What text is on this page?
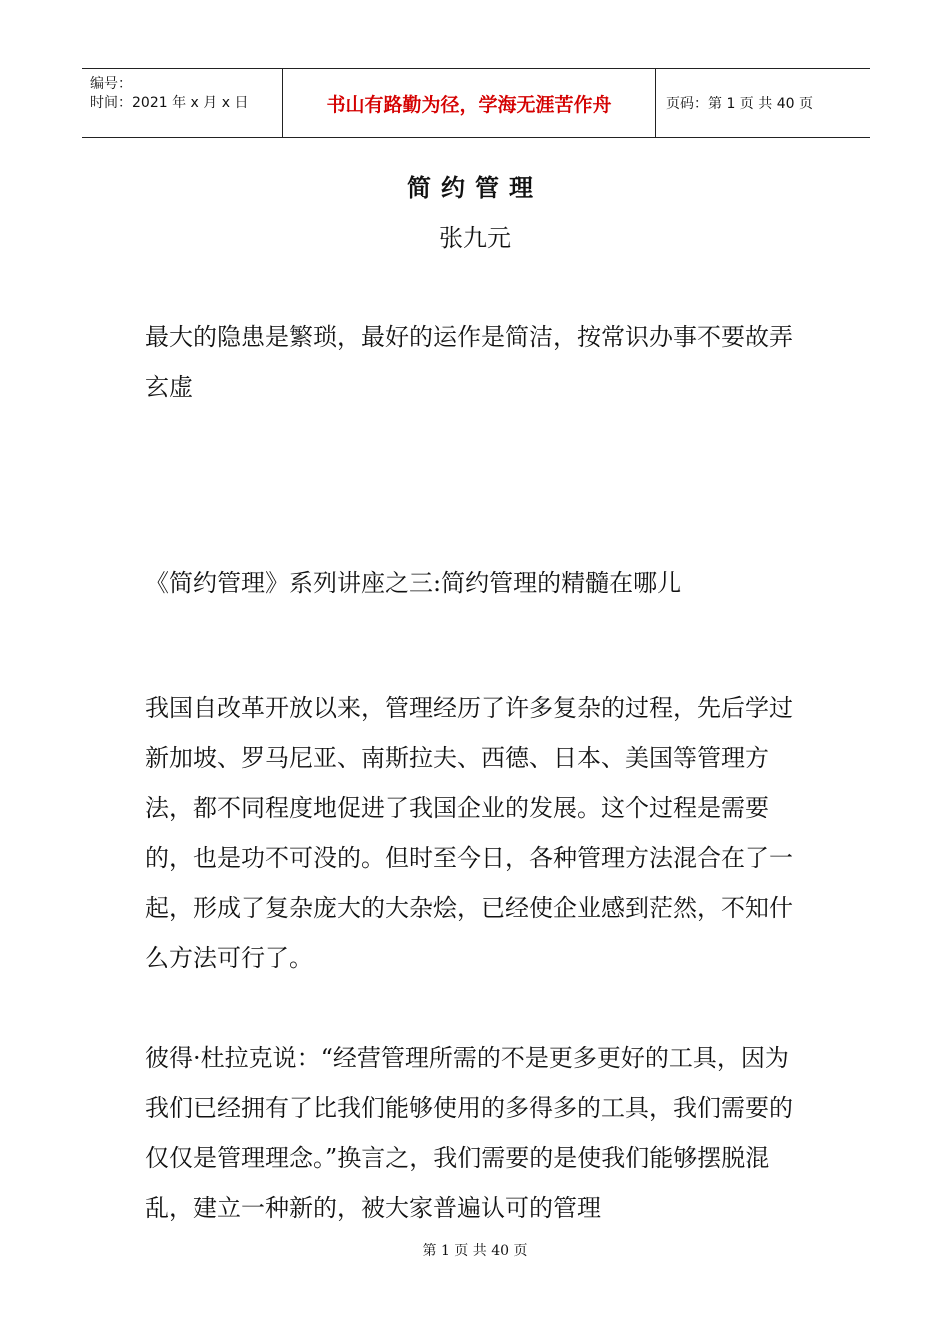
编号：
时间：2021 年 x 月 x 日	书山有路勤为径，学海无涯苦作舟	页码：第 1 页 共 40 页
简约管理
张九元

最大的隐患是繁琐，最好的运作是简洁，按常识办事不要故弄玄虚

《简约管理》系列讲座之三:简约管理的精髓在哪儿

我国自改革开放以来，管理经历了许多复杂的过程，先后学过新加坡、罗马尼亚、南斯拉夫、西德、日本、美国等管理方法，都不同程度地促进了我国企业的发展。这个过程是需要的，也是功不可没的。但时至今日，各种管理方法混合在了一起，形成了复杂庞大的大杂烩，已经使企业感到茫然，不知什么方法可行了。

彼得·杜拉克说：“经营管理所需的不是更多更好的工具，因为我们已经拥有了比我们能够使用的多得多的工具，我们需要的仅仅是管理理念。”换言之，我们需要的是使我们能够摆脱混乱，建立一种新的，被大家普遍认可的管理

第 1 页 共 40 页
